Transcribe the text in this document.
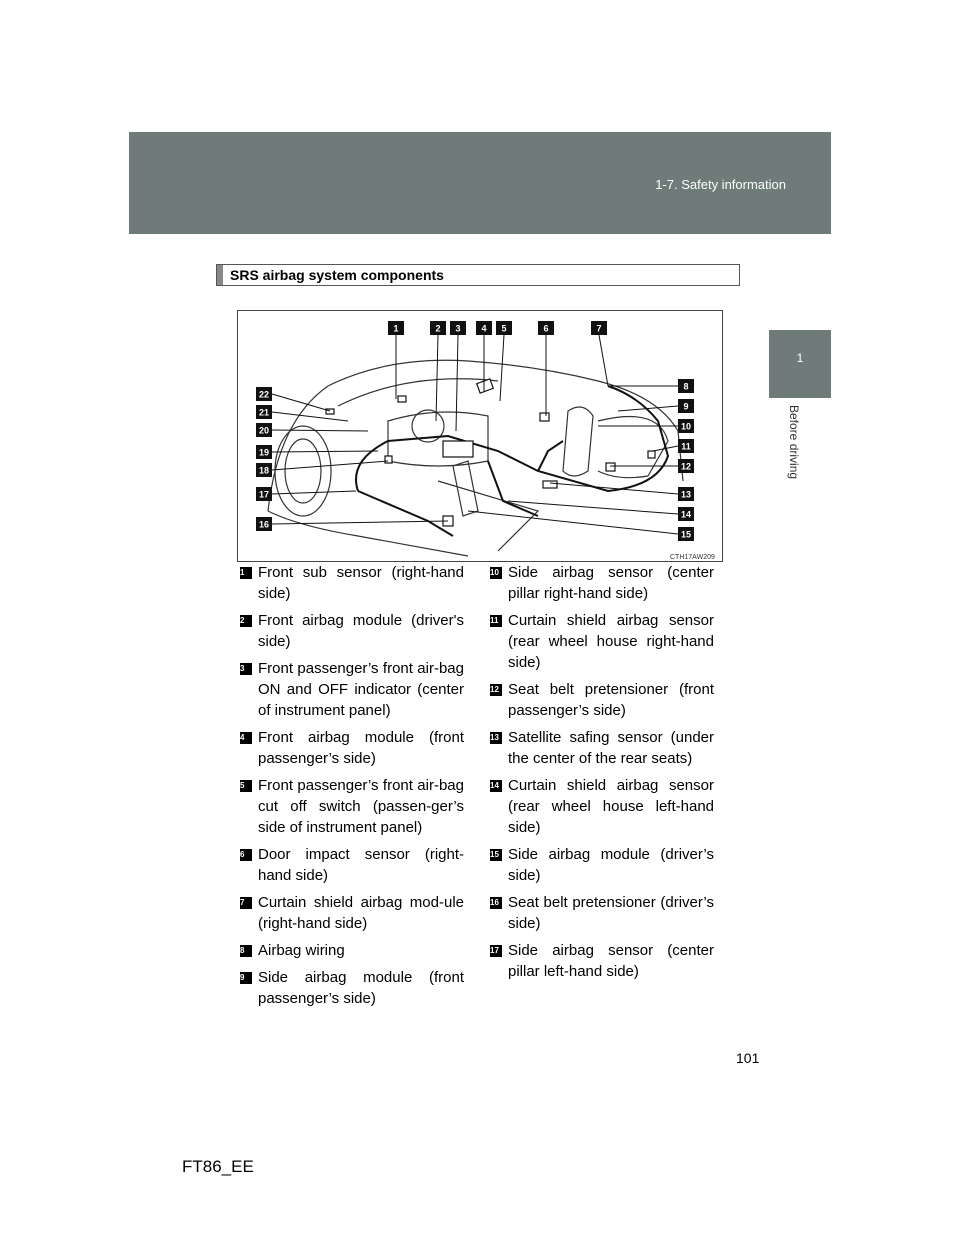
1-7. Safety information
1
Before driving
SRS airbag system components
1	2 3 4 5	6	7
8
9
10
11
12
13
14
15
16
17
18
19
20
21
22
CTH17AW209
1 Front sub sensor (right-hand side)
2 Front airbag module (driver's side)
3 Front passenger’s front air-bag ON and OFF indicator (center of instrument panel)
4 Front airbag module (front passenger’s side)
5 Front passenger’s front air-bag cut off switch (passen-ger’s side of instrument panel)
6 Door impact sensor (right-hand side)
7 Curtain shield airbag mod-ule (right-hand side)
8 Airbag wiring
9 Side airbag module (front passenger’s side)
10 Side airbag sensor (center pillar right-hand side)
11 Curtain shield airbag sensor (rear wheel house right-hand side)
12 Seat belt pretensioner (front passenger’s side)
13 Satellite safing sensor (under the center of the rear seats)
14 Curtain shield airbag sensor (rear wheel house left-hand side)
15 Side airbag module (driver’s side)
16 Seat belt pretensioner (driver’s side)
17 Side airbag sensor (center pillar left-hand side)
101
FT86_EE
